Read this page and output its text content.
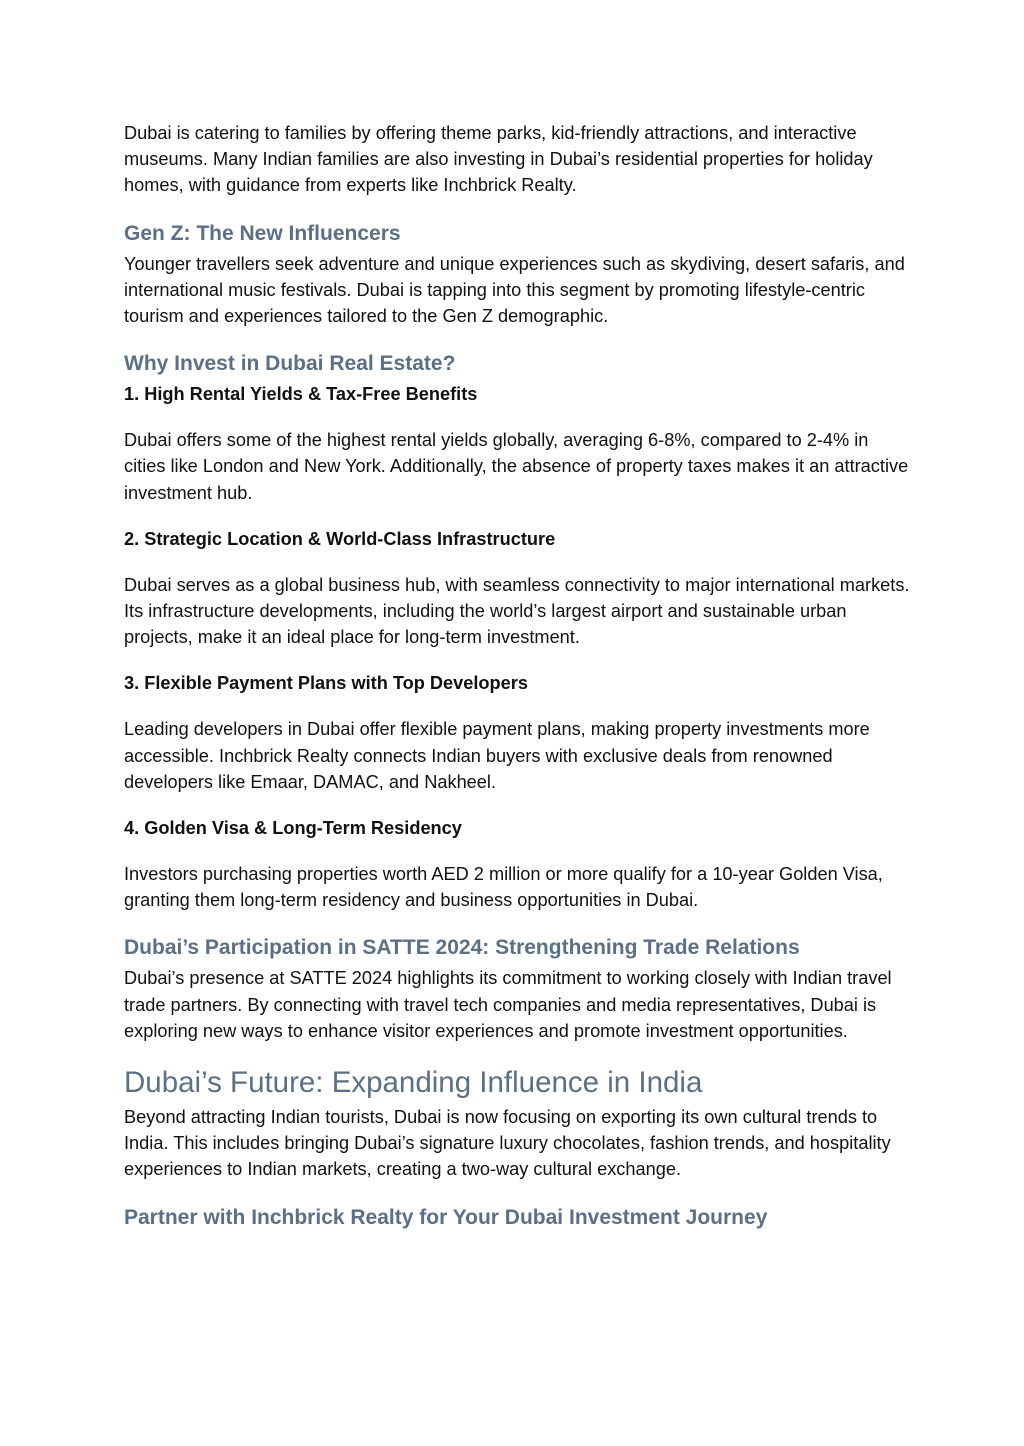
Dubai is catering to families by offering theme parks, kid-friendly attractions, and interactive museums. Many Indian families are also investing in Dubai’s residential properties for holiday homes, with guidance from experts like Inchbrick Realty.

Gen Z: The New Influencers

Younger travellers seek adventure and unique experiences such as skydiving, desert safaris, and international music festivals. Dubai is tapping into this segment by promoting lifestyle-centric tourism and experiences tailored to the Gen Z demographic.

Why Invest in Dubai Real Estate?
1. High Rental Yields & Tax-Free Benefits

Dubai offers some of the highest rental yields globally, averaging 6-8%, compared to 2-4% in cities like London and New York. Additionally, the absence of property taxes makes it an attractive investment hub.

2. Strategic Location & World-Class Infrastructure

Dubai serves as a global business hub, with seamless connectivity to major international markets. Its infrastructure developments, including the world’s largest airport and sustainable urban projects, make it an ideal place for long-term investment.

3. Flexible Payment Plans with Top Developers

Leading developers in Dubai offer flexible payment plans, making property investments more accessible. Inchbrick Realty connects Indian buyers with exclusive deals from renowned developers like Emaar, DAMAC, and Nakheel.

4. Golden Visa & Long-Term Residency

Investors purchasing properties worth AED 2 million or more qualify for a 10-year Golden Visa, granting them long-term residency and business opportunities in Dubai.

Dubai’s Participation in SATTE 2024: Strengthening Trade Relations

Dubai’s presence at SATTE 2024 highlights its commitment to working closely with Indian travel trade partners. By connecting with travel tech companies and media representatives, Dubai is exploring new ways to enhance visitor experiences and promote investment opportunities.

Dubai’s Future: Expanding Influence in India

Beyond attracting Indian tourists, Dubai is now focusing on exporting its own cultural trends to India. This includes bringing Dubai’s signature luxury chocolates, fashion trends, and hospitality experiences to Indian markets, creating a two-way cultural exchange.

Partner with Inchbrick Realty for Your Dubai Investment Journey
